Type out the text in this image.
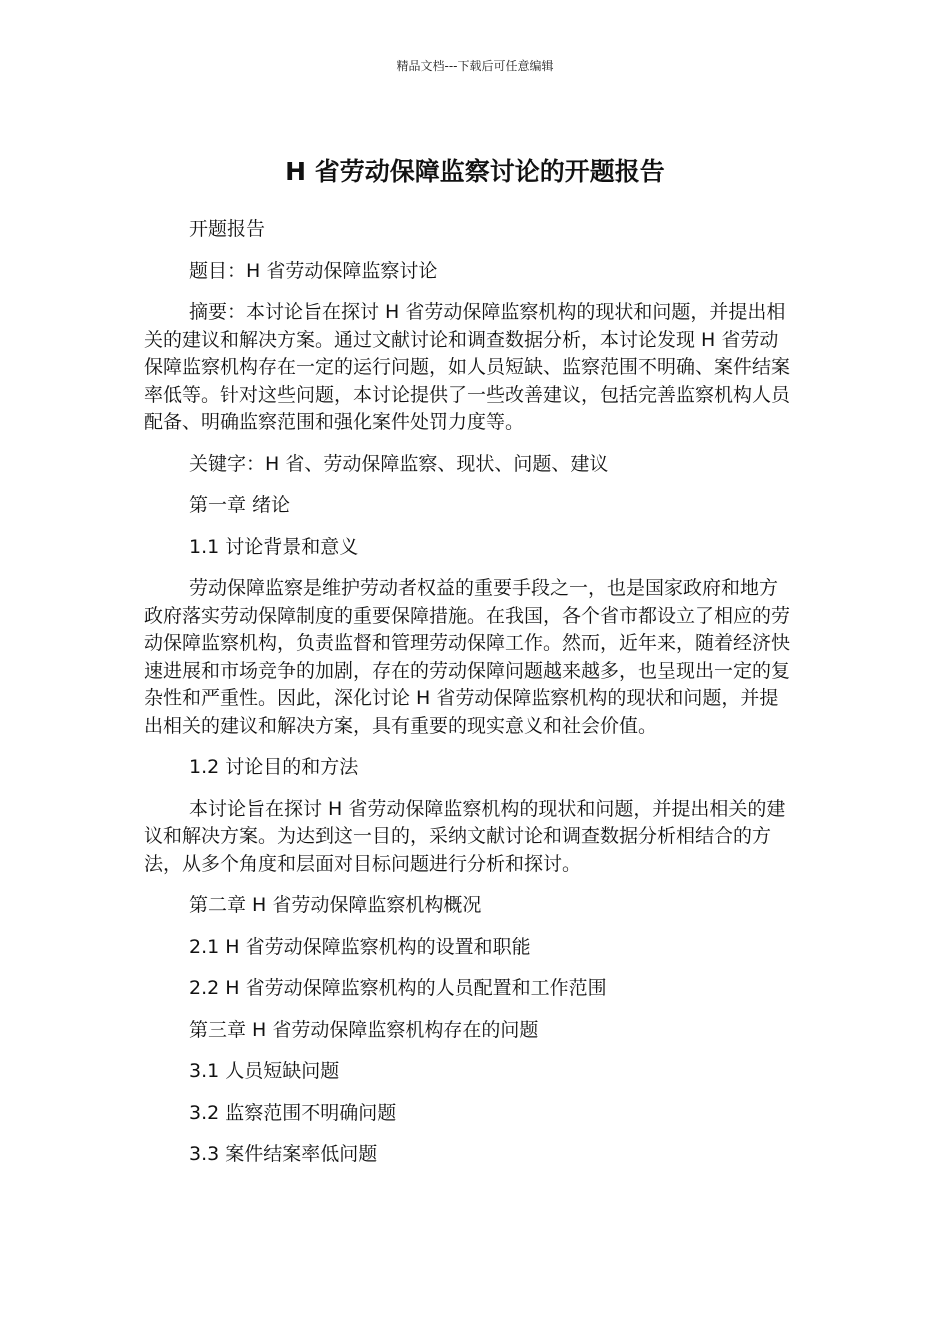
精品文档---下载后可任意编辑
H 省劳动保障监察讨论的开题报告

开题报告

题目：H 省劳动保障监察讨论

摘要：本讨论旨在探讨 H 省劳动保障监察机构的现状和问题，并提出相关的建议和解决方案。通过文献讨论和调查数据分析，本讨论发现 H 省劳动保障监察机构存在一定的运行问题，如人员短缺、监察范围不明确、案件结案率低等。针对这些问题，本讨论提供了一些改善建议，包括完善监察机构人员配备、明确监察范围和强化案件处罚力度等。

关键字：H 省、劳动保障监察、现状、问题、建议

第一章 绪论

1.1 讨论背景和意义

劳动保障监察是维护劳动者权益的重要手段之一，也是国家政府和地方政府落实劳动保障制度的重要保障措施。在我国，各个省市都设立了相应的劳动保障监察机构，负责监督和管理劳动保障工作。然而，近年来，随着经济快速进展和市场竞争的加剧，存在的劳动保障问题越来越多，也呈现出一定的复杂性和严重性。因此，深化讨论 H 省劳动保障监察机构的现状和问题，并提出相关的建议和解决方案，具有重要的现实意义和社会价值。

1.2 讨论目的和方法

本讨论旨在探讨 H 省劳动保障监察机构的现状和问题，并提出相关的建议和解决方案。为达到这一目的，采纳文献讨论和调查数据分析相结合的方法，从多个角度和层面对目标问题进行分析和探讨。

第二章 H 省劳动保障监察机构概况

2.1 H 省劳动保障监察机构的设置和职能

2.2 H 省劳动保障监察机构的人员配置和工作范围

第三章 H 省劳动保障监察机构存在的问题

3.1 人员短缺问题

3.2 监察范围不明确问题

3.3 案件结案率低问题
